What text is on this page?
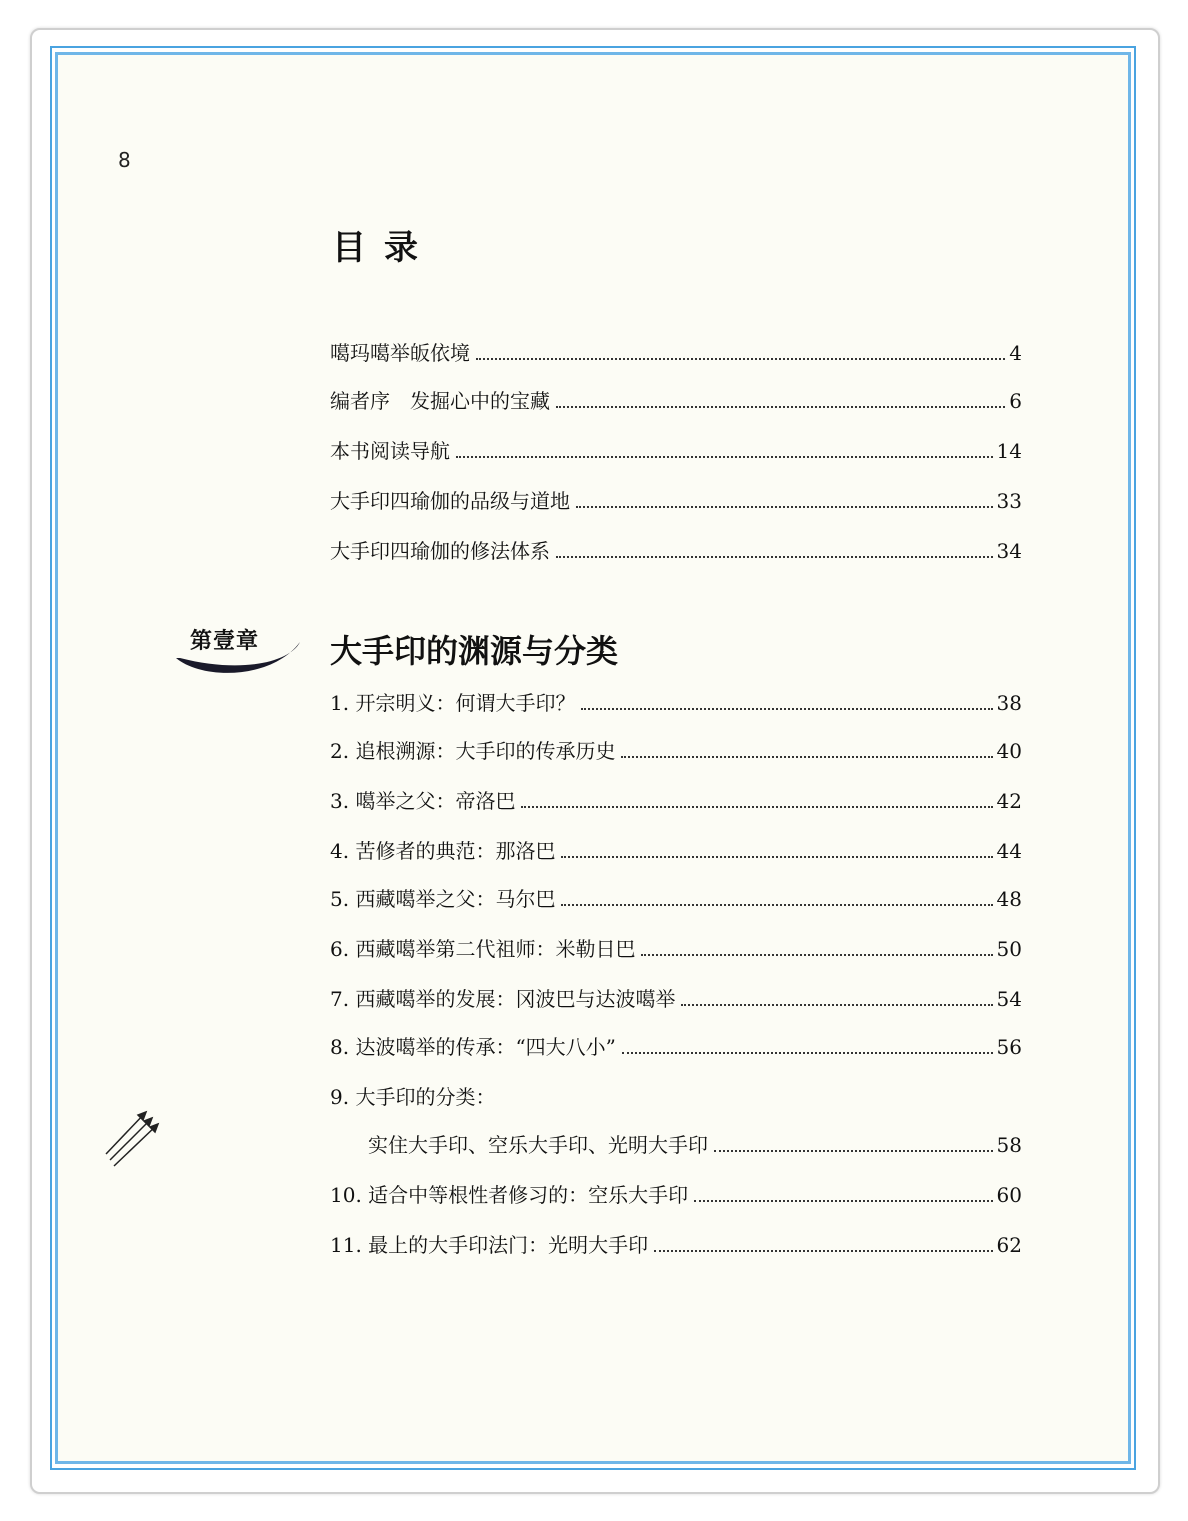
8
目录
噶玛噶举皈依境	4
编者序　发掘心中的宝藏	6
本书阅读导航	14
大手印四瑜伽的品级与道地	33
大手印四瑜伽的修法体系	34
第壹章 大手印的渊源与分类
1. 开宗明义：何谓大手印？	38
2. 追根溯源：大手印的传承历史	40
3. 噶举之父：帝洛巴	42
4. 苦修者的典范：那洛巴	44
5. 西藏噶举之父：马尔巴	48
6. 西藏噶举第二代祖师：米勒日巴	50
7. 西藏噶举的发展：冈波巴与达波噶举	54
8. 达波噶举的传承：“四大八小”	56
9. 大手印的分类：
实住大手印、空乐大手印、光明大手印	58
10. 适合中等根性者修习的：空乐大手印	60
11. 最上的大手印法门：光明大手印	62
